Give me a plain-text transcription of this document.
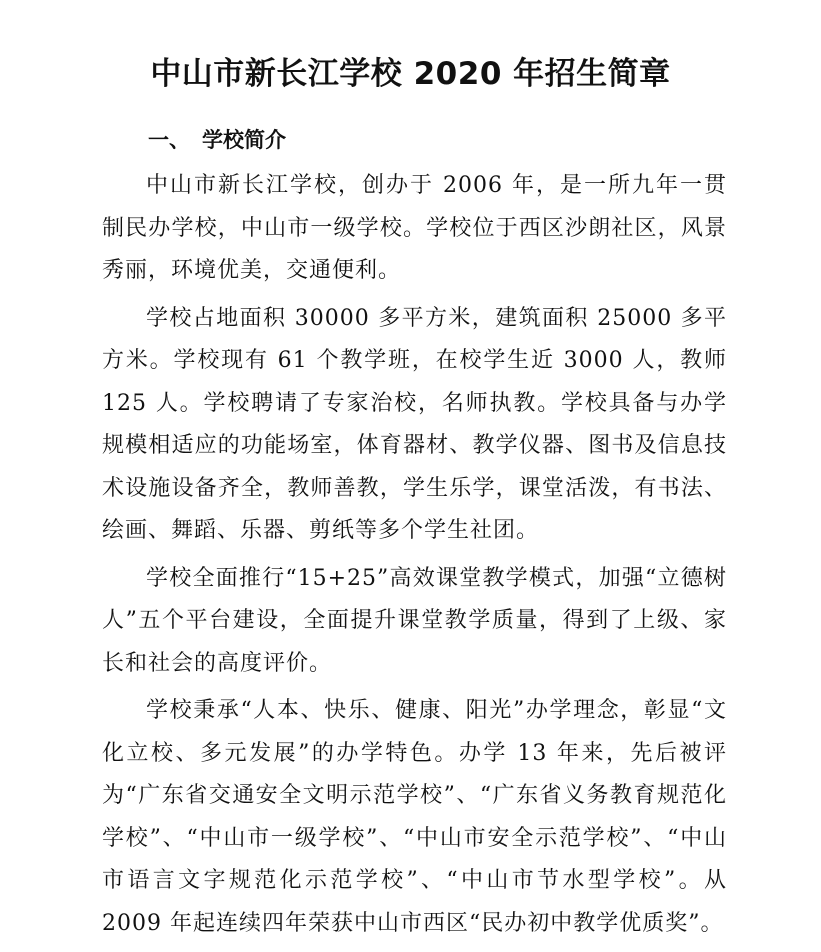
中山市新长江学校 2020 年招生简章
一、 学校简介

中山市新长江学校，创办于 2006 年，是一所九年一贯制民办学校，中山市一级学校。学校位于西区沙朗社区，风景秀丽，环境优美，交通便利。

学校占地面积 30000 多平方米，建筑面积 25000 多平方米。学校现有 61 个教学班，在校学生近 3000 人，教师 125 人。学校聘请了专家治校，名师执教。学校具备与办学规模相适应的功能场室，体育器材、教学仪器、图书及信息技术设施设备齐全，教师善教，学生乐学，课堂活泼，有书法、绘画、舞蹈、乐器、剪纸等多个学生社团。

学校全面推行“15+25”高效课堂教学模式，加强“立德树人”五个平台建设，全面提升课堂教学质量，得到了上级、家长和社会的高度评价。

学校秉承“人本、快乐、健康、阳光”办学理念，彰显“文化立校、多元发展”的办学特色。办学 13 年来，先后被评为“广东省交通安全文明示范学校”、“广东省义务教育规范化学校”、“中山市一级学校”、“中山市安全示范学校”、“中山市语言文字规范化示范学校”、“中山市节水型学校”。从 2009 年起连续四年荣获中山市西区“民办初中教学优质奖”。
